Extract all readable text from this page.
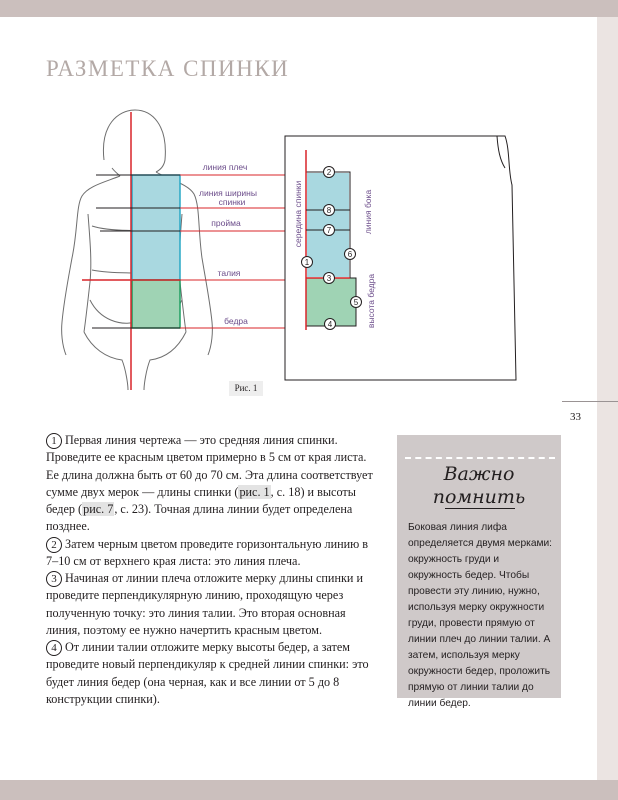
33
РАЗМЕТКА СПИНКИ
линия плеч
линия ширины
спинки
пройма
талия
бедра
2
8
7
1
6
3
5
4
середина спинки	линия бока
высота бедра
Рис. 1

1 Первая линия чертежа — это средняя линия спинки. Проведите ее красным цветом примерно в 5 см от края листа. Ее длина должна быть от 60 до 70 см. Эта длина соответствует сумме двух мерок — длины спинки (рис. 1, с. 18) и высоты бедер (рис. 7, с. 23). Точная длина линии будет определена позднее.

2 Затем черным цветом проведите горизонтальную линию в 7–10 см от верхнего края листа: это линия плеча.

3 Начиная от линии плеча отложите мерку длины спинки и проведите перпендикулярную линию, проходящую через полученную точку: это линия талии. Это вторая основная линия, поэтому ее нужно начертить красным цветом.

4 От линии талии отложите мерку высоты бедер, а затем проведите новый перпендикуляр к средней линии спинки: это будет линия бедер (она черная, как и все линии от 5 до 8 конструкции спинки).

Важно
помнить
Боковая линия лифа определяется двумя мерками: окружность груди и окружность бедер. Чтобы провести эту линию, нужно, используя мерку окружности груди, провести прямую от линии плеч до линии талии. А затем, используя мерку окружности бедер, проложить прямую от линии талии до линии бедер.
